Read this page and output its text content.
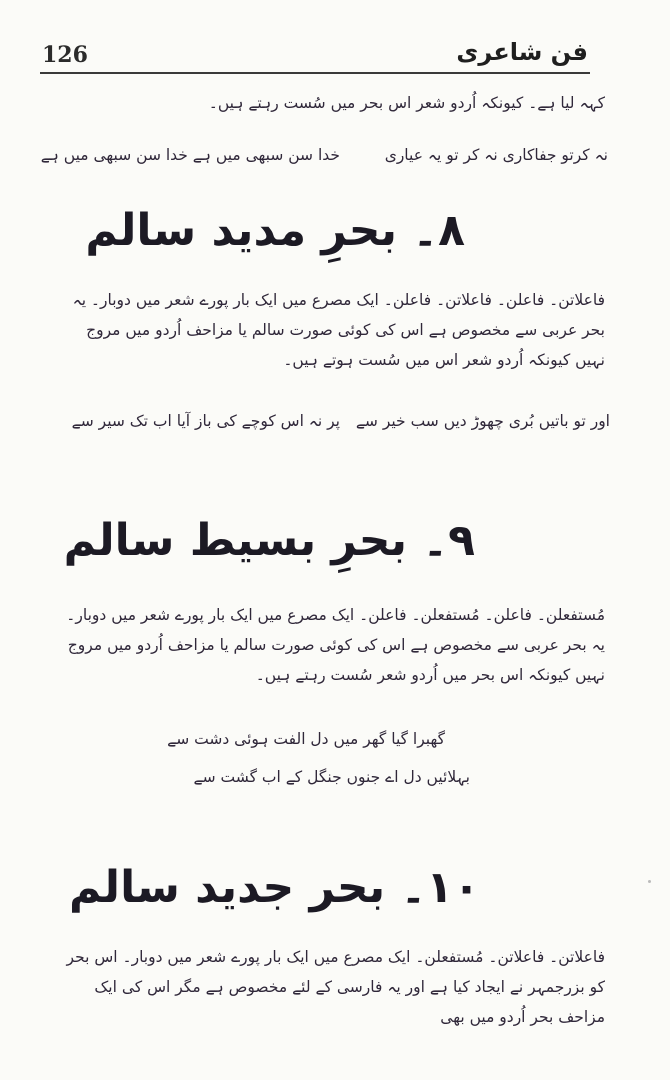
126	فن شاعری
کہہ لیا ہے۔ کیونکہ اُردو شعر اس بحر میں سُست رہتے ہیں۔
نہ کرتو جفاکاری نہ کر تو یہ عیاری
خدا سن سبھی میں ہے خدا سن سبھی میں ہے
۸۔ بحرِ مدید سالم
فاعلاتن۔ فاعلن۔ فاعلاتن۔ فاعلن۔ ایک مصرع میں ایک بار پورے شعر میں دوبار۔ یہ بحر عربی سے مخصوص ہے اس کی کوئی صورت سالم یا مزاحف اُردو میں مروج نہیں کیونکہ اُردو شعر اس میں سُست ہوتے ہیں۔
اور تو باتیں بُری چھوڑ دیں سب خیر سے
پر نہ اس کوچے کی باز آیا اب تک سیر سے
۹۔ بحرِ بسیط سالم
مُستفعلن۔ فاعلن۔ مُستفعلن۔ فاعلن۔ ایک مصرع میں ایک بار پورے شعر میں دوبار۔ یہ بحر عربی سے مخصوص ہے اس کی کوئی صورت سالم یا مزاحف اُردو میں مروج نہیں کیونکہ اس بحر میں اُردو شعر سُست رہتے ہیں۔
گھبرا گیا گھر میں دل الفت ہوئی دشت سے
بہلائیں دل اے جنوں جنگل کے اب گشت سے
۱۰۔ بحر جدید سالم
فاعلاتن۔ فاعلاتن۔ مُستفعلن۔ ایک مصرع میں ایک بار پورے شعر میں دوبار۔ اس بحر کو بزرجمہر نے ایجاد کیا ہے اور یہ فارسی کے لئے مخصوص ہے مگر اس کی ایک مزاحف بحر اُردو میں بھی
